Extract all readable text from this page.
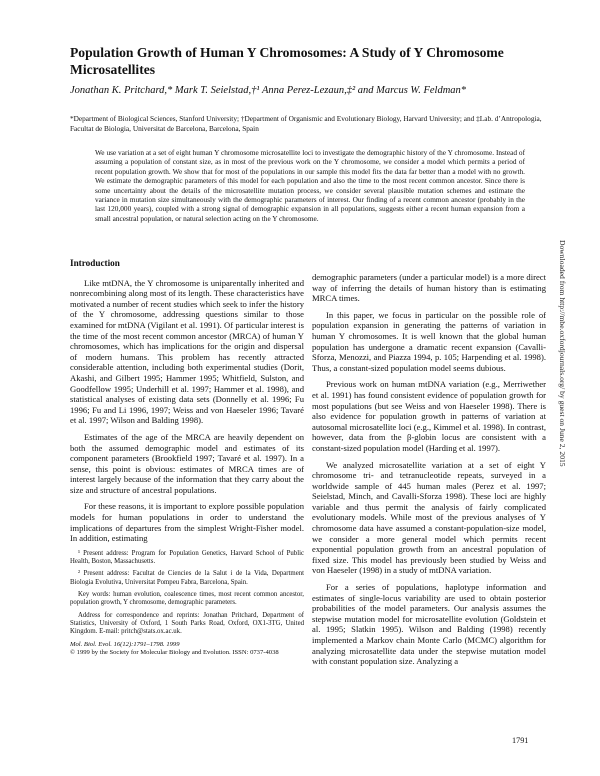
Population Growth of Human Y Chromosomes: A Study of Y Chromosome Microsatellites

Jonathan K. Pritchard,* Mark T. Seielstad,†¹ Anna Perez-Lezaun,‡² and Marcus W. Feldman*

*Department of Biological Sciences, Stanford University; †Department of Organismic and Evolutionary Biology, Harvard University; and ‡Lab. d’Antropologia, Facultat de Biologia, Universitat de Barcelona, Barcelona, Spain

We use variation at a set of eight human Y chromosome microsatellite loci to investigate the demographic history of the Y chromosome. Instead of assuming a population of constant size, as in most of the previous work on the Y chromosome, we consider a model which permits a period of recent population growth. We show that for most of the populations in our sample this model fits the data far better than a model with no growth. We estimate the demographic parameters of this model for each population and also the time to the most recent common ancestor. Since there is some uncertainty about the details of the microsatellite mutation process, we consider several plausible mutation schemes and estimate the variance in mutation size simultaneously with the demographic parameters of interest. Our finding of a recent common ancestor (probably in the last 120,000 years), coupled with a strong signal of demographic expansion in all populations, suggests either a recent human expansion from a small ancestral population, or natural selection acting on the Y chromosome.

Downloaded from http://mbe.oxfordjournals.org/ by guest on June 2, 2015
Introduction

Like mtDNA, the Y chromosome is uniparentally inherited and nonrecombining along most of its length. These characteristics have motivated a number of recent studies which seek to infer the history of the Y chromosome, addressing questions similar to those examined for mtDNA (Vigilant et al. 1991). Of particular interest is the time of the most recent common ancestor (MRCA) of human Y chromosomes, which has implications for the origin and dispersal of modern humans. This problem has recently attracted considerable attention, including both experimental studies (Dorit, Akashi, and Gilbert 1995; Hammer 1995; Whitfield, Sulston, and Goodfellow 1995; Underhill et al. 1997; Hammer et al. 1998), and statistical analyses of existing data sets (Donnelly et al. 1996; Fu 1996; Fu and Li 1996, 1997; Weiss and von Haeseler 1996; Tavaré et al. 1997; Wilson and Balding 1998).

Estimates of the age of the MRCA are heavily dependent on both the assumed demographic model and estimates of its component parameters (Brookfield 1997; Tavaré et al. 1997). In a sense, this point is obvious: estimates of MRCA times are of interest largely because of the information that they carry about the size and structure of ancestral populations.

For these reasons, it is important to explore possible population models for human populations in order to understand the implications of departures from the simplest Wright-Fisher model. In addition, estimating

¹ Present address: Program for Population Genetics, Harvard School of Public Health, Boston, Massachusetts.

² Present address: Facultat de Ciencies de la Salut i de la Vida, Department Biologia Evolutiva, Universitat Pompeu Fabra, Barcelona, Spain.

Key words: human evolution, coalescence times, most recent common ancestor, population growth, Y chromosome, demographic parameters.

Address for correspondence and reprints: Jonathan Pritchard, Department of Statistics, University of Oxford, 1 South Parks Road, Oxford, OX1-3TG, United Kingdom. E-mail: pritch@stats.ox.ac.uk.

Mol. Biol. Evol. 16(12):1791–1798. 1999

© 1999 by the Society for Molecular Biology and Evolution. ISSN: 0737-4038

demographic parameters (under a particular model) is a more direct way of inferring the details of human history than is estimating MRCA times.

In this paper, we focus in particular on the possible role of population expansion in generating the patterns of variation in human Y chromosomes. It is well known that the global human population has undergone a dramatic recent expansion (Cavalli-Sforza, Menozzi, and Piazza 1994, p. 105; Harpending et al. 1998). Thus, a constant-sized population model seems dubious.

Previous work on human mtDNA variation (e.g., Merriwether et al. 1991) has found consistent evidence of population growth for most populations (but see Weiss and von Haeseler 1998). There is also evidence for population growth in patterns of variation at autosomal microsatellite loci (e.g., Kimmel et al. 1998). In contrast, however, data from the β-globin locus are consistent with a constant-sized population model (Harding et al. 1997).

We analyzed microsatellite variation at a set of eight Y chromosome tri- and tetranucleotide repeats, surveyed in a worldwide sample of 445 human males (Perez et al. 1997; Seielstad, Minch, and Cavalli-Sforza 1998). These loci are highly variable and thus permit the analysis of fairly complicated evolutionary models. While most of the previous analyses of Y chromosome data have assumed a constant-population-size model, we consider a more general model which permits recent exponential population growth from an ancestral population of fixed size. This model has previously been studied by Weiss and von Haeseler (1998) in a study of mtDNA variation.

For a series of populations, haplotype information and estimates of single-locus variability are used to obtain posterior probabilities of the model parameters. Our analysis assumes the stepwise mutation model for microsatellite evolution (Goldstein et al. 1995; Slatkin 1995). Wilson and Balding (1998) recently implemented a Markov chain Monte Carlo (MCMC) algorithm for analyzing microsatellite data under the stepwise mutation model with constant population size. Analyzing a

1791
